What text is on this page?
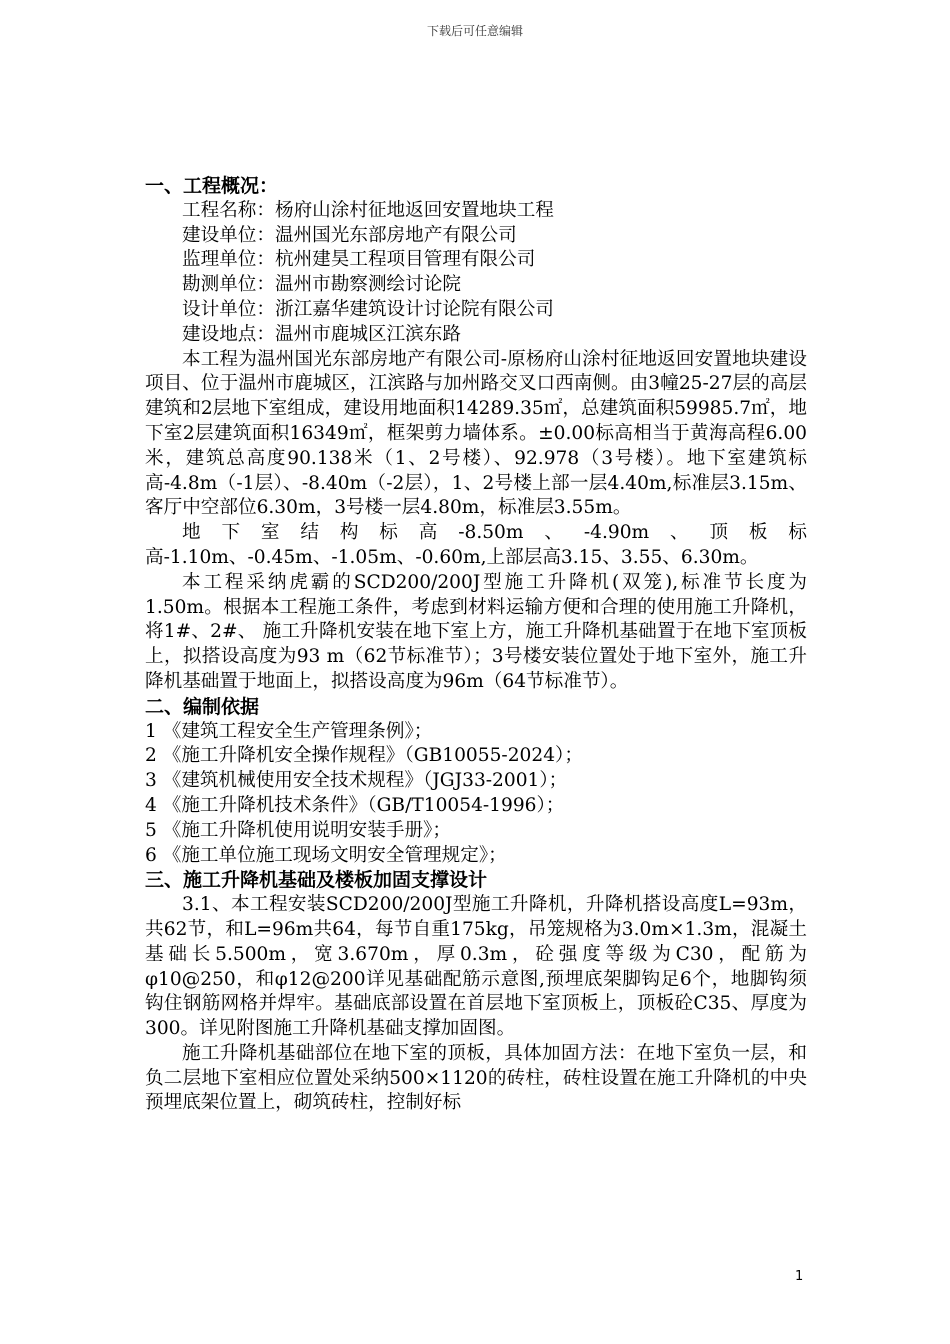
下载后可任意编辑
一、工程概况：
工程名称：杨府山涂村征地返回安置地块工程
建设单位：温州国光东部房地产有限公司
监理单位：杭州建昊工程项目管理有限公司
勘测单位：温州市勘察测绘讨论院
设计单位：浙江嘉华建筑设计讨论院有限公司
建设地点：温州市鹿城区江滨东路

本工程为温州国光东部房地产有限公司-原杨府山涂村征地返回安置地块建设项目、位于温州市鹿城区，江滨路与加州路交叉口西南侧。由3幢25-27层的高层建筑和2层地下室组成，建设用地面积14289.35㎡，总建筑面积59985.7㎡，地下室2层建筑面积16349㎡，框架剪力墙体系。±0.00标高相当于黄海高程6.00米，建筑总高度90.138米（1、2号楼）、92.978（3号楼）。地下室建筑标高-4.8m（-1层）、-8.40m（-2层），1、2号楼上部一层4.40m,标准层3.15m、客厅中空部位6.30m，3号楼一层4.80m，标准层3.55m。

地下室结构标高-8.50m、-4.90m、顶板标高-1.10m、-0.45m、-1.05m、-0.60m,上部层高3.15、3.55、6.30m。

本工程采纳虎霸的SCD200/200J型施工升降机(双笼),标准节长度为1.50m。根据本工程施工条件，考虑到材料运输方便和合理的使用施工升降机，将1#、2#、 施工升降机安装在地下室上方，施工升降机基础置于在地下室顶板上，拟搭设高度为93 m（62节标准节）；3号楼安装位置处于地下室外，施工升降机基础置于地面上，拟搭设高度为96m（64节标准节）。

二、编制依据
1 《建筑工程安全生产管理条例》；
2 《施工升降机安全操作规程》（GB10055-2024）；
3 《建筑机械使用安全技术规程》（JGJ33-2001）；
4 《施工升降机技术条件》（GB/T10054-1996）；
5 《施工升降机使用说明安装手册》；
6 《施工单位施工现场文明安全管理规定》；
三、施工升降机基础及楼板加固支撑设计

3.1、本工程安装SCD200/200J型施工升降机，升降机搭设高度L=93m，共62节，和L=96m共64，每节自重175kg，吊笼规格为3.0m×1.3m，混凝土基础长5.500m，宽3.670m，厚0.3m，砼强度等级为C30，配筋为φ10@250，和φ12@200详见基础配筋示意图,预埋底架脚钩足6个，地脚钩须钩住钢筋网格并焊牢。基础底部设置在首层地下室顶板上，顶板砼C35、厚度为300。详见附图施工升降机基础支撑加固图。

施工升降机基础部位在地下室的顶板，具体加固方法：在地下室负一层，和负二层地下室相应位置处采纳500×1120的砖柱，砖柱设置在施工升降机的中央预埋底架位置上，砌筑砖柱，控制好标

1
